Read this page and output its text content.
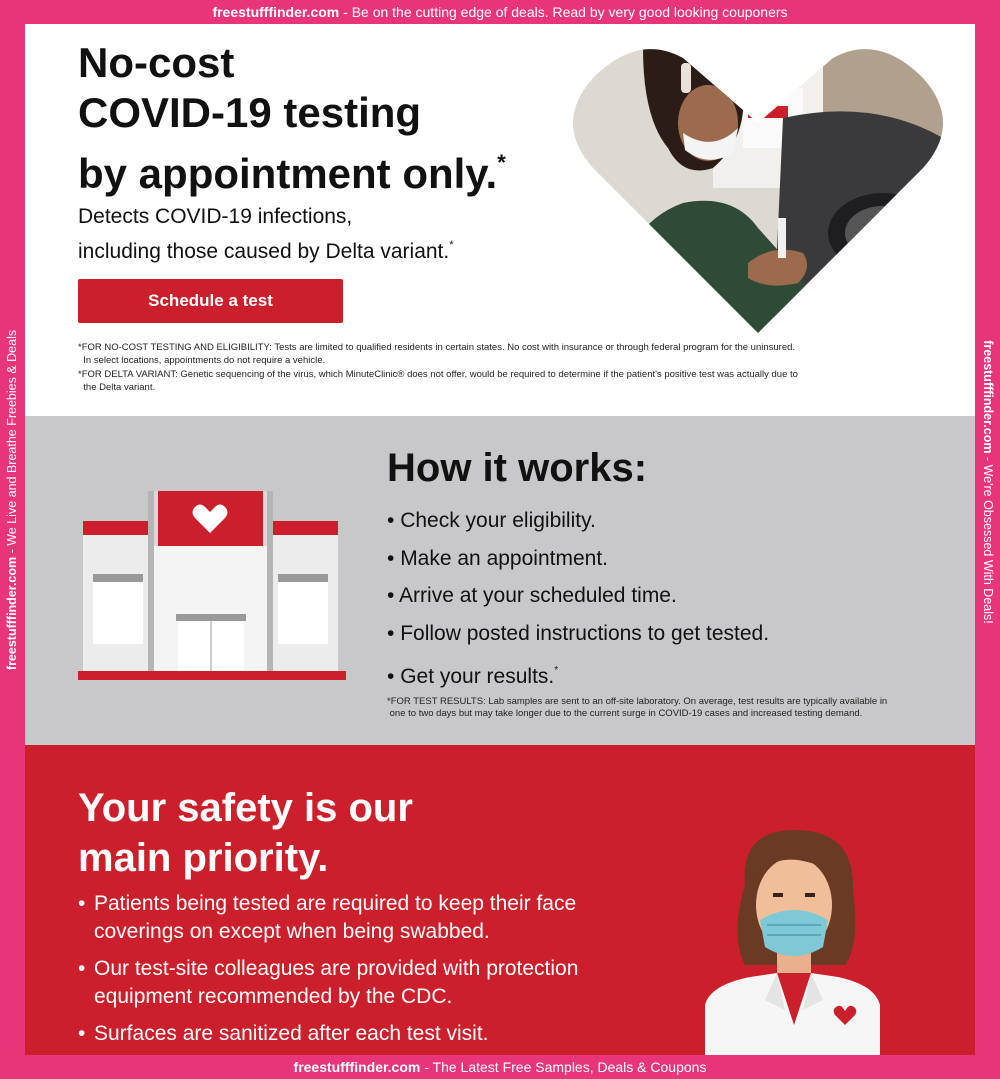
freestufffinder.com - Be on the cutting edge of deals. Read by very good looking couponers
freestufffinder.com - We Live and Breathe Freebies & Deals	freestufffinder.com - We're Obsessed With Deals!
No-cost
COVID-19 testing
by appointment only.*

Detects COVID-19 infections,
including those caused by Delta variant.*

Schedule a test

*FOR NO-COST TESTING AND ELIGIBILITY: Tests are limited to qualified residents in certain states. No cost with insurance or through federal program for the uninsured.
In select locations, appointments do not require a vehicle.

*FOR DELTA VARIANT: Genetic sequencing of the virus, which MinuteClinic® does not offer, would be required to determine if the patient's positive test was actually due to
the Delta variant.

How it works:
• Check your eligibility.
• Make an appointment.
• Arrive at your scheduled time.
• Follow posted instructions to get tested.
• Get your results.*

*FOR TEST RESULTS: Lab samples are sent to an off-site laboratory. On average, test results are typically available in
one to two days but may take longer due to the current surge in COVID-19 cases and increased testing demand.

Your safety is our
main priority.
• Patients being tested are required to keep their face coverings on except when being swabbed.
• Our test-site colleagues are provided with protection equipment recommended by the CDC.
• Surfaces are sanitized after each test visit.
freestufffinder.com - The Latest Free Samples, Deals & Coupons
